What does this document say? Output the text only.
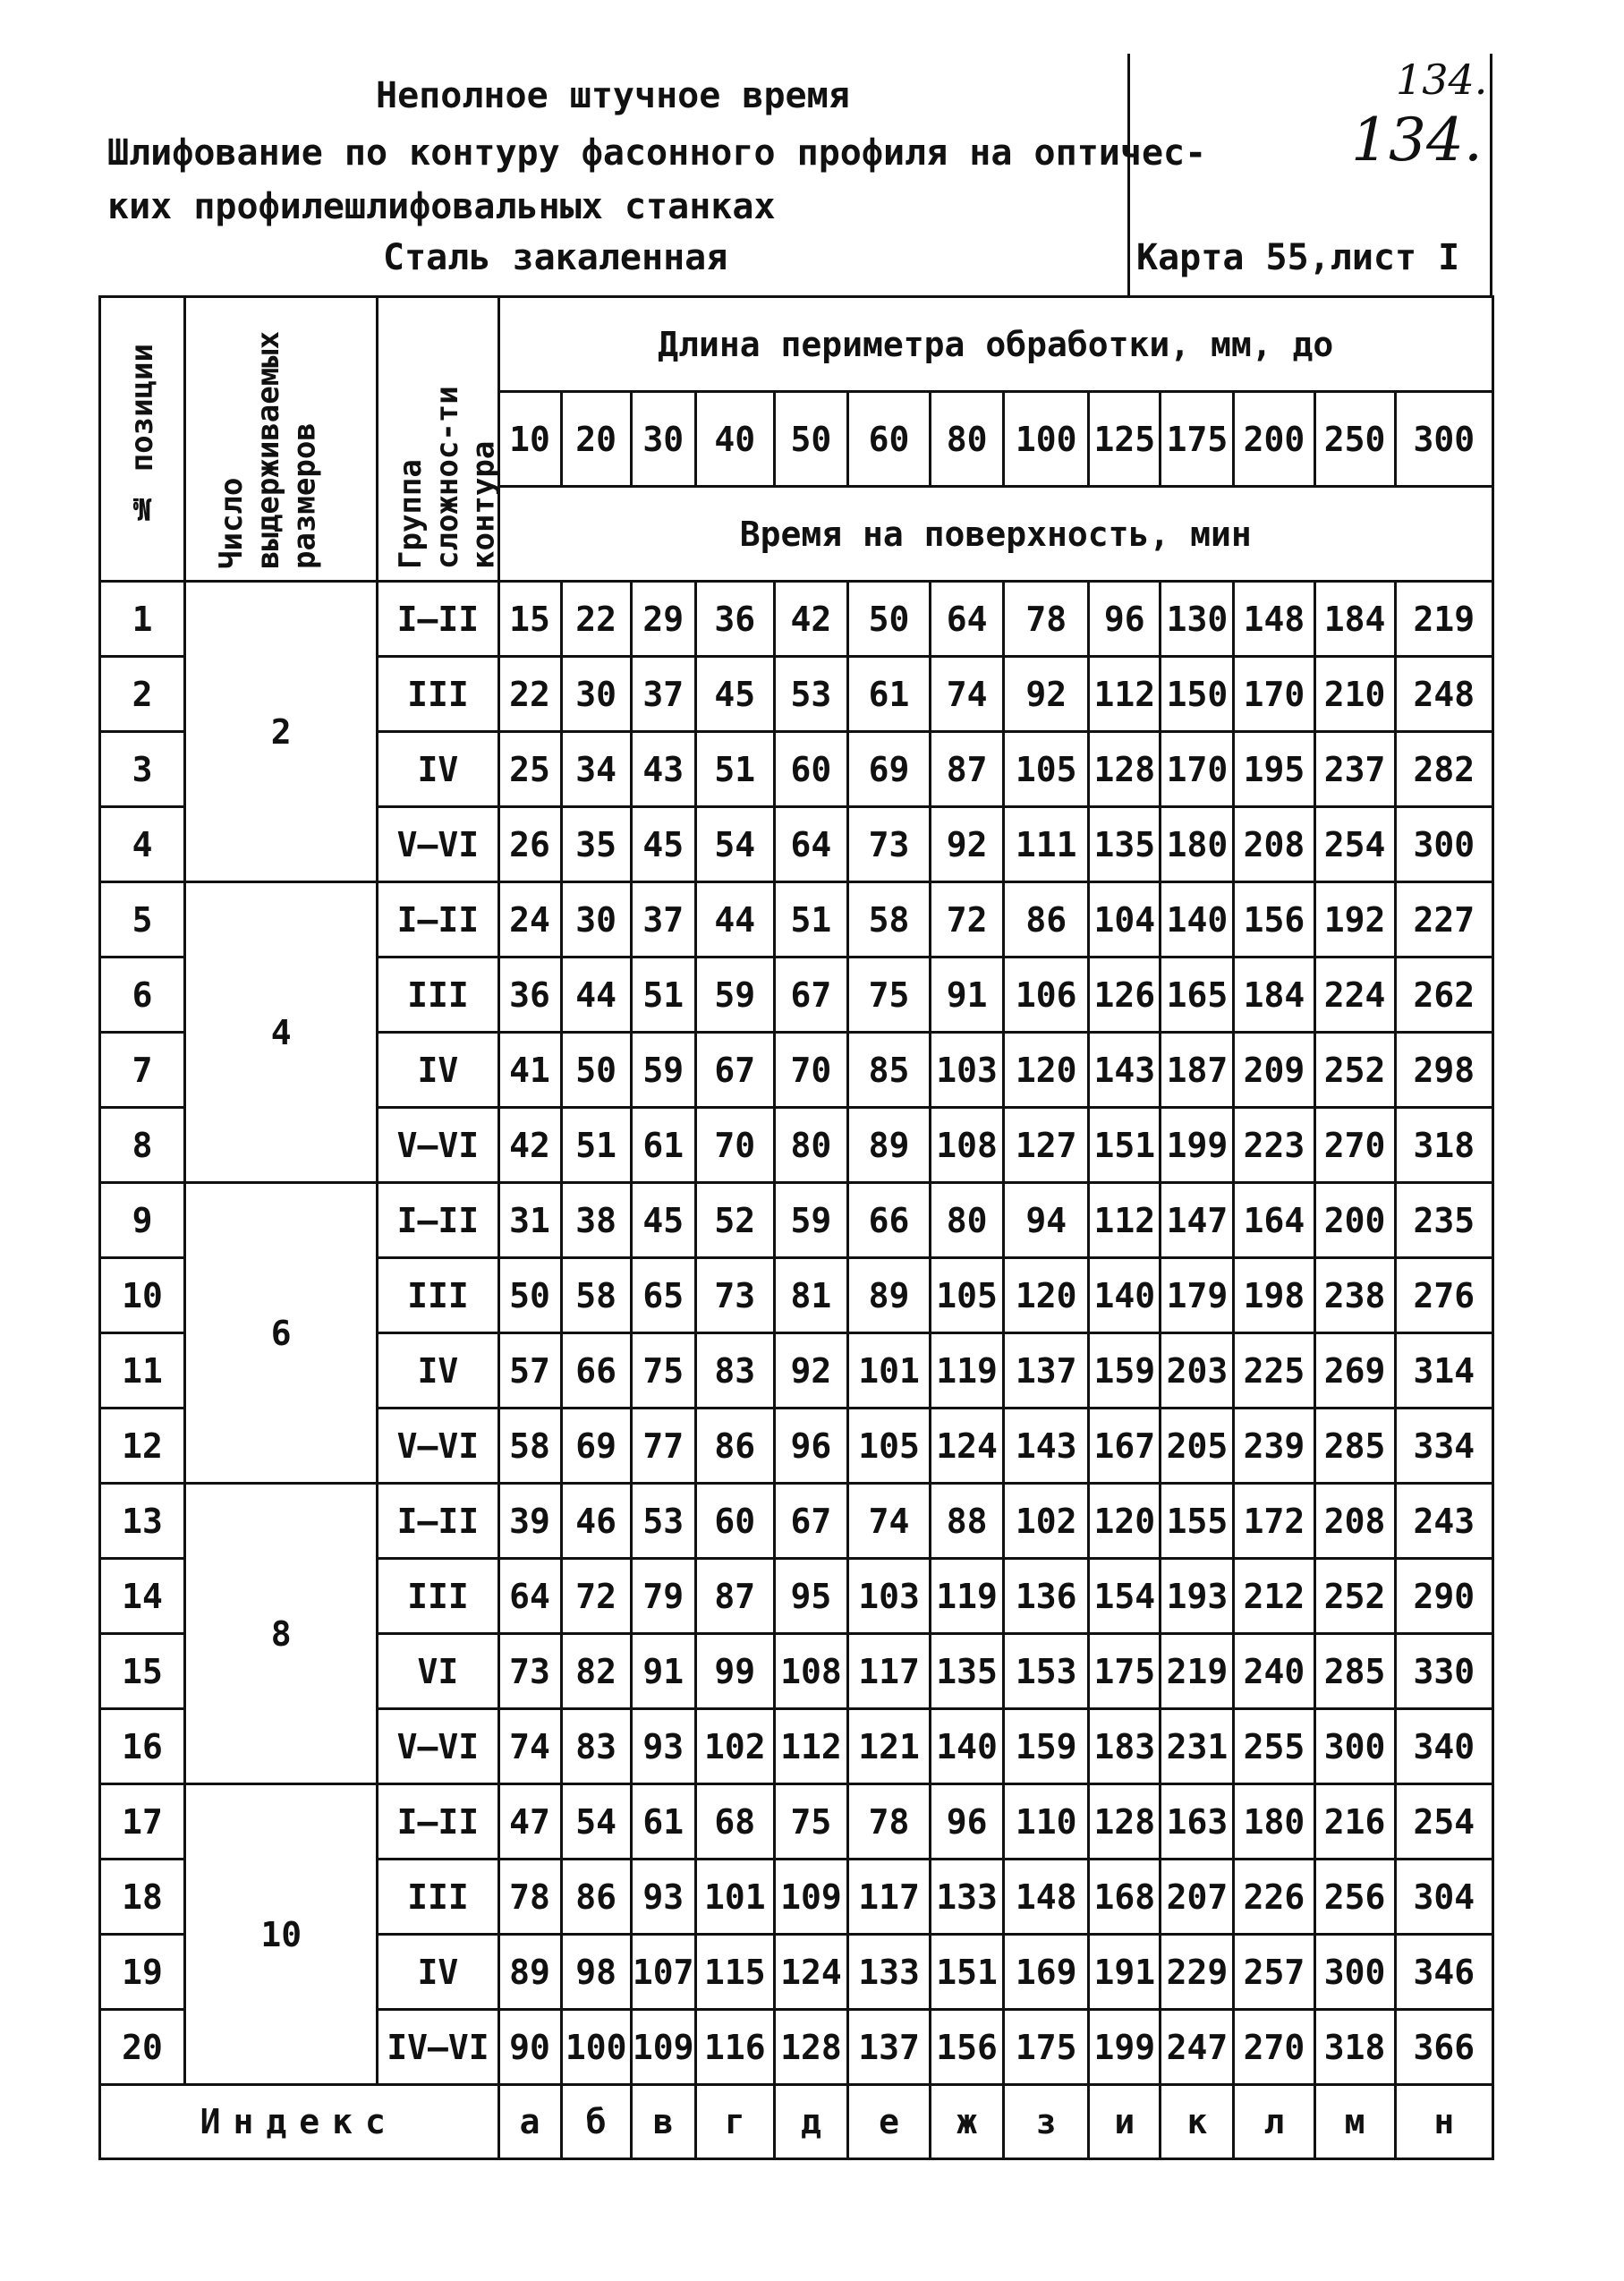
Неполное штучное время
Шлифование по контуру фасонного профиля на оптичес-
ких профилешлифовальных станках
Сталь закаленная	Карта 55,лист I
134.
134.
№ позиции	Число выдерживаемых размеров	Группа сложнос-ти контура	Длина периметра обработки, мм, до												
			10	20	30	40	50	60	80	100	125	175	200	250	300
			Время на поверхность, мин												
1	2	I–II	15	22	29	36	42	50	64	78	96	130	148	184	219
2		III	22	30	37	45	53	61	74	92	112	150	170	210	248
3		IV	25	34	43	51	60	69	87	105	128	170	195	237	282
4		V–VI	26	35	45	54	64	73	92	111	135	180	208	254	300
5	4	I–II	24	30	37	44	51	58	72	86	104	140	156	192	227
6		III	36	44	51	59	67	75	91	106	126	165	184	224	262
7		IV	41	50	59	67	70	85	103	120	143	187	209	252	298
8		V–VI	42	51	61	70	80	89	108	127	151	199	223	270	318
9	6	I–II	31	38	45	52	59	66	80	94	112	147	164	200	235
10		III	50	58	65	73	81	89	105	120	140	179	198	238	276
11		IV	57	66	75	83	92	101	119	137	159	203	225	269	314
12		V–VI	58	69	77	86	96	105	124	143	167	205	239	285	334
13	8	I–II	39	46	53	60	67	74	88	102	120	155	172	208	243
14		III	64	72	79	87	95	103	119	136	154	193	212	252	290
15		VI	73	82	91	99	108	117	135	153	175	219	240	285	330
16		V–VI	74	83	93	102	112	121	140	159	183	231	255	300	340
17	10	I–II	47	54	61	68	75	78	96	110	128	163	180	216	254
18		III	78	86	93	101	109	117	133	148	168	207	226	256	304
19		IV	89	98	107	115	124	133	151	169	191	229	257	300	346
20		IV–VI	90	100	109	116	128	137	156	175	199	247	270	318	366
Индекс			а	б	в	г	д	е	ж	з	и	к	л	м	н
